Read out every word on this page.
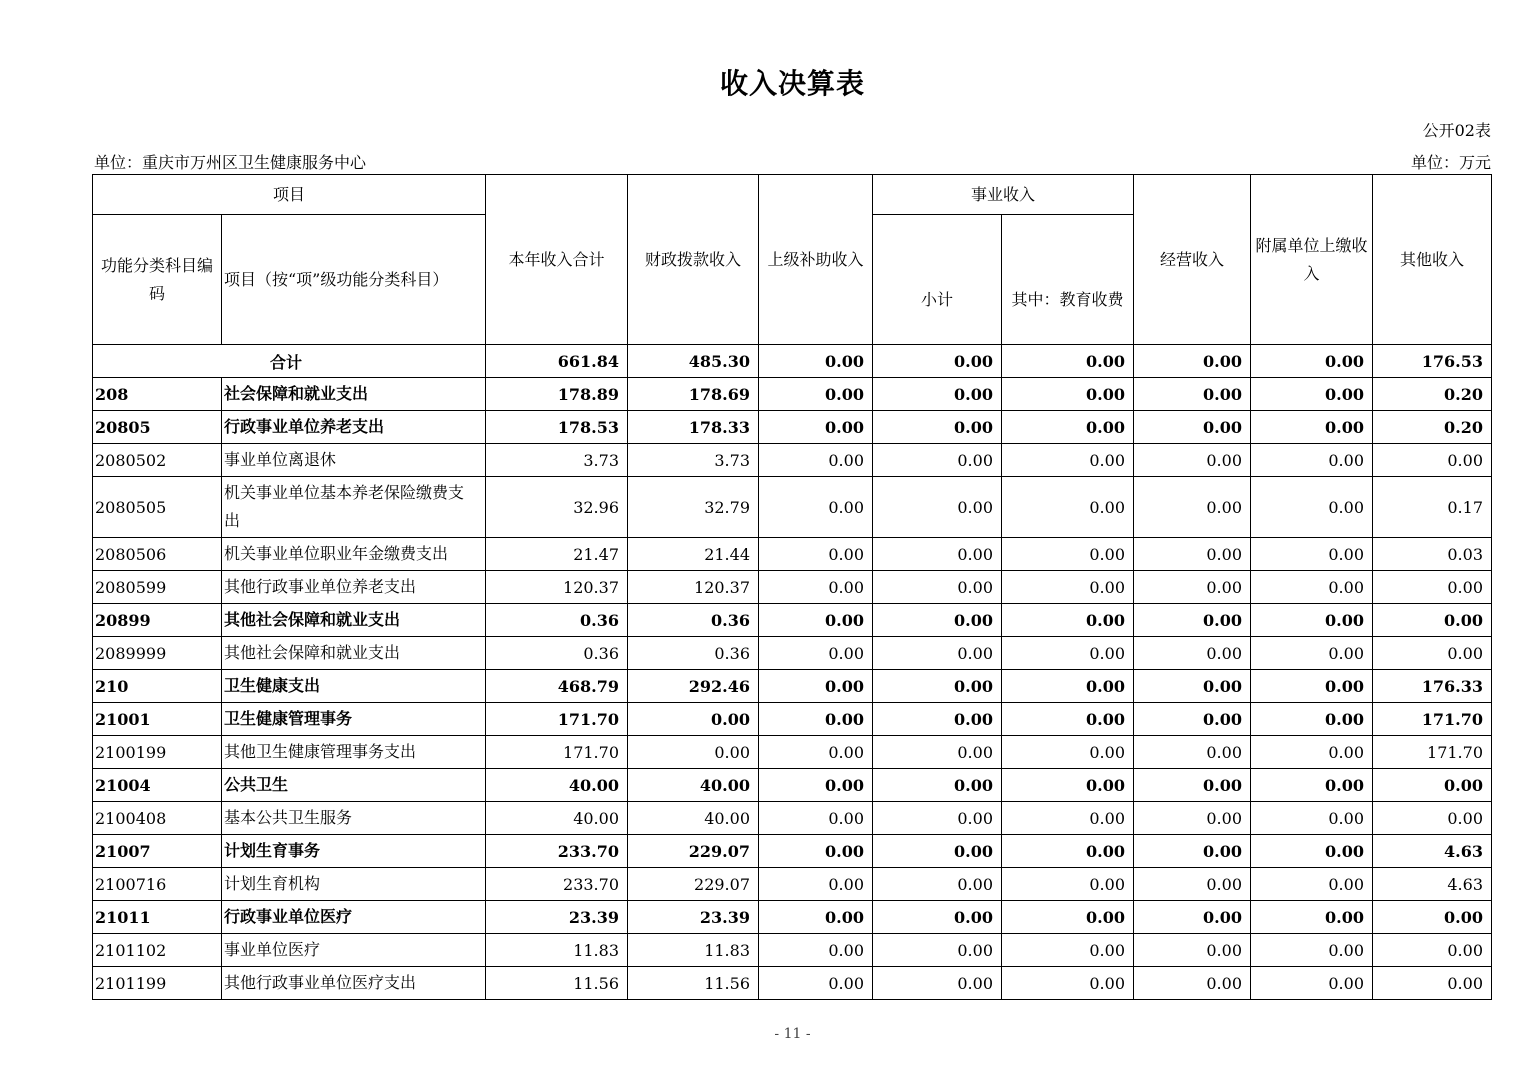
收入决算表
公开02表
单位：重庆市万州区卫生健康服务中心	单位：万元
项目		本年收入合计	财政拨款收入	上级补助收入	事业收入		经营收入	附属单位上缴收入	其他收入
功能分类科目编码	项目（按“项”级功能分类科目）				小计	其中：教育收费			
合计		661.84	485.30	0.00	0.00	0.00	0.00	0.00	176.53
208	社会保障和就业支出	178.89	178.69	0.00	0.00	0.00	0.00	0.00	0.20
20805	行政事业单位养老支出	178.53	178.33	0.00	0.00	0.00	0.00	0.00	0.20
2080502	事业单位离退休	3.73	3.73	0.00	0.00	0.00	0.00	0.00	0.00
2080505	机关事业单位基本养老保险缴费支出	32.96	32.79	0.00	0.00	0.00	0.00	0.00	0.17
2080506	机关事业单位职业年金缴费支出	21.47	21.44	0.00	0.00	0.00	0.00	0.00	0.03
2080599	其他行政事业单位养老支出	120.37	120.37	0.00	0.00	0.00	0.00	0.00	0.00
20899	其他社会保障和就业支出	0.36	0.36	0.00	0.00	0.00	0.00	0.00	0.00
2089999	其他社会保障和就业支出	0.36	0.36	0.00	0.00	0.00	0.00	0.00	0.00
210	卫生健康支出	468.79	292.46	0.00	0.00	0.00	0.00	0.00	176.33
21001	卫生健康管理事务	171.70	0.00	0.00	0.00	0.00	0.00	0.00	171.70
2100199	其他卫生健康管理事务支出	171.70	0.00	0.00	0.00	0.00	0.00	0.00	171.70
21004	公共卫生	40.00	40.00	0.00	0.00	0.00	0.00	0.00	0.00
2100408	基本公共卫生服务	40.00	40.00	0.00	0.00	0.00	0.00	0.00	0.00
21007	计划生育事务	233.70	229.07	0.00	0.00	0.00	0.00	0.00	4.63
2100716	计划生育机构	233.70	229.07	0.00	0.00	0.00	0.00	0.00	4.63
21011	行政事业单位医疗	23.39	23.39	0.00	0.00	0.00	0.00	0.00	0.00
2101102	事业单位医疗	11.83	11.83	0.00	0.00	0.00	0.00	0.00	0.00
2101199	其他行政事业单位医疗支出	11.56	11.56	0.00	0.00	0.00	0.00	0.00	0.00
- 11 -
